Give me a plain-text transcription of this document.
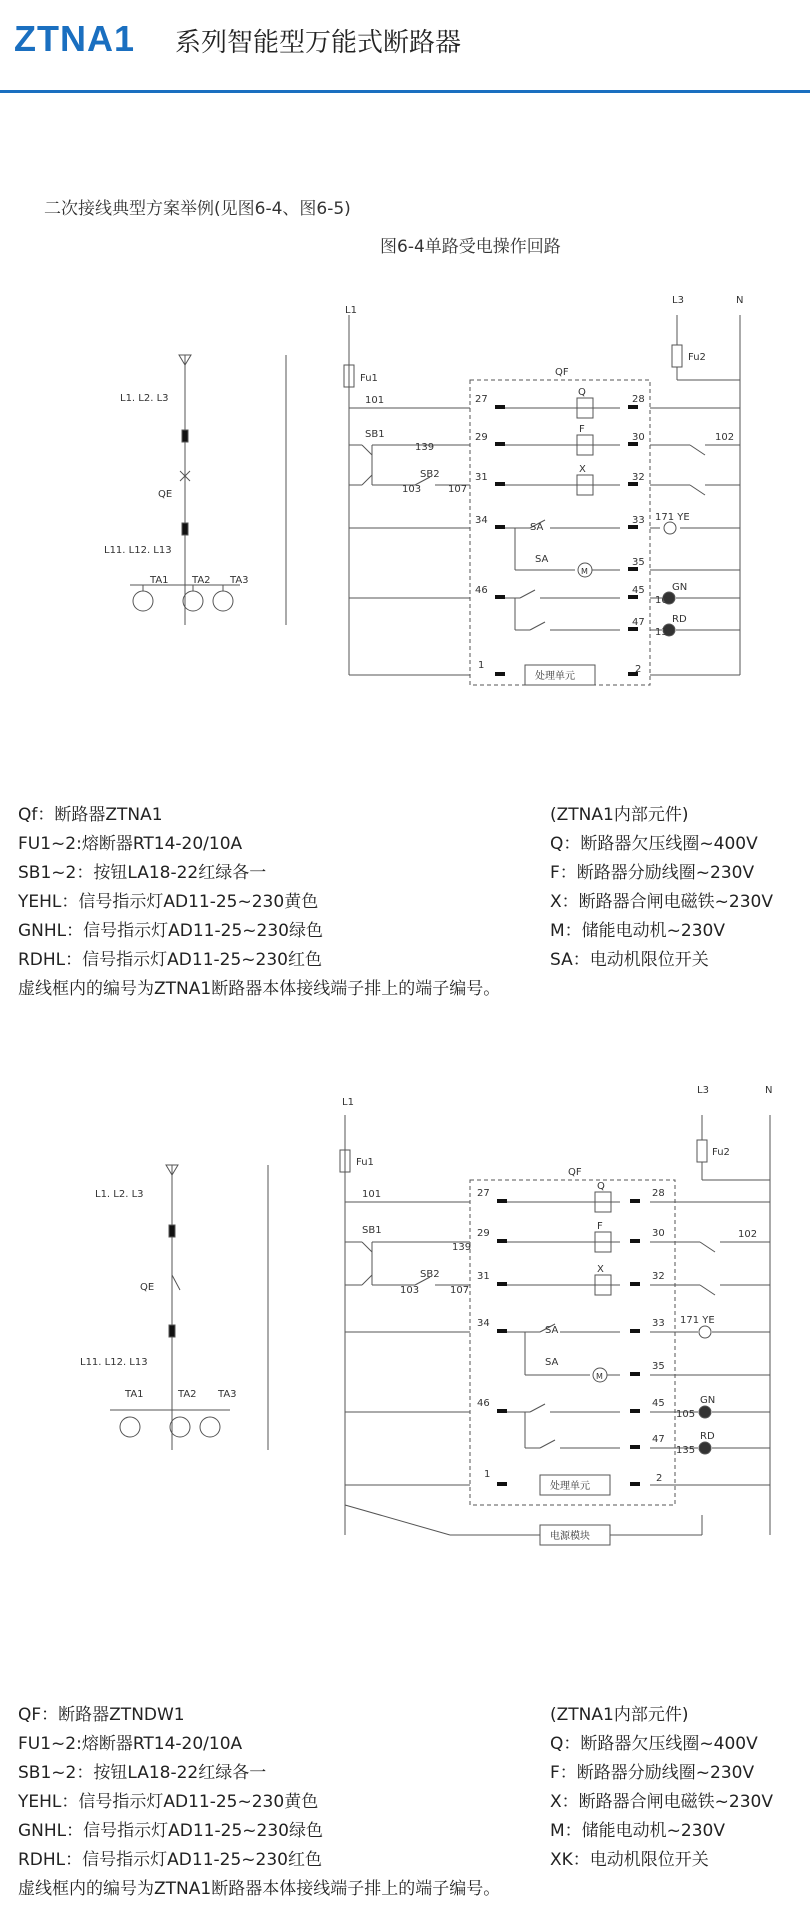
ZTNA1 系列智能型万能式断路器
二次接线典型方案举例(见图6-4、图6-5)
图6-4单路受电操作回路
L1. L2. L3
QE
L11. L12. L13
TA1 TA2 TA3
L1
L3	N
Fu1
Fu2
QF
101
102
SB1
139
SB2
103	107
27	28
29	30
31	32
34	33
35
46	45
47
1	2
Q
F
X
SA
SA
M
171 YE
GN
RD
105
135
处理单元
Qf：断路器ZTNA1	(ZTNA1内部元件)
FU1~2:熔断器RT14-20/10A	Q：断路器欠压线圈~400V
SB1~2：按钮LA18-22红绿各一	F：断路器分励线圈~230V
YEHL：信号指示灯AD11-25~230黄色	X：断路器合闸电磁铁~230V
GNHL：信号指示灯AD11-25~230绿色	M：储能电动机~230V
RDHL：信号指示灯AD11-25~230红色	SA：电动机限位开关
虚线框内的编号为ZTNA1断路器本体接线端子排上的端子编号。
L1. L2. L3
QE
L11. L12. L13
TA1	TA2 TA3
L1
L3	N
Fu1
Fu2
QF
101
102
SB1
139
SB2
103	107
27	28
29	30
31	32
34	33
35
46	45
47
1	2
Q
F
X
SA
SA
M
171 YE
GN
RD
105
135
处理单元
电源模块
QF：断路器ZTNDW1	(ZTNA1内部元件)
FU1~2:熔断器RT14-20/10A	Q：断路器欠压线圈~400V
SB1~2：按钮LA18-22红绿各一	F：断路器分励线圈~230V
YEHL：信号指示灯AD11-25~230黄色	X：断路器合闸电磁铁~230V
GNHL：信号指示灯AD11-25~230绿色	M：储能电动机~230V
RDHL：信号指示灯AD11-25~230红色	XK：电动机限位开关
虚线框内的编号为ZTNA1断路器本体接线端子排上的端子编号。
